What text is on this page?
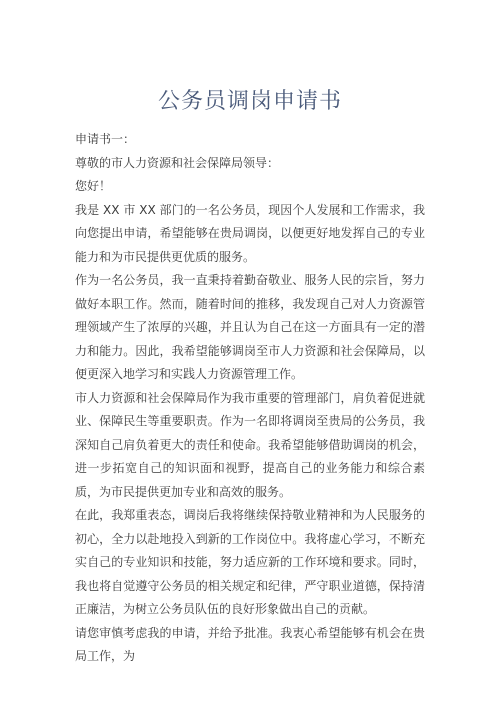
公务员调岗申请书

申请书一：

尊敬的市人力资源和社会保障局领导：

您好！

我是 XX 市 XX 部门的一名公务员，现因个人发展和工作需求，我向您提出申请，希望能够在贵局调岗，以便更好地发挥自己的专业能力和为市民提供更优质的服务。

作为一名公务员，我一直秉持着勤奋敬业、服务人民的宗旨，努力做好本职工作。然而，随着时间的推移，我发现自己对人力资源管理领域产生了浓厚的兴趣，并且认为自己在这一方面具有一定的潜力和能力。因此，我希望能够调岗至市人力资源和社会保障局，以便更深入地学习和实践人力资源管理工作。

市人力资源和社会保障局作为我市重要的管理部门，肩负着促进就业、保障民生等重要职责。作为一名即将调岗至贵局的公务员，我深知自己肩负着更大的责任和使命。我希望能够借助调岗的机会，进一步拓宽自己的知识面和视野，提高自己的业务能力和综合素质，为市民提供更加专业和高效的服务。

在此，我郑重表态，调岗后我将继续保持敬业精神和为人民服务的初心，全力以赴地投入到新的工作岗位中。我将虚心学习，不断充实自己的专业知识和技能，努力适应新的工作环境和要求。同时，我也将自觉遵守公务员的相关规定和纪律，严守职业道德，保持清正廉洁，为树立公务员队伍的良好形象做出自己的贡献。

请您审慎考虑我的申请，并给予批准。我衷心希望能够有机会在贵局工作，为
